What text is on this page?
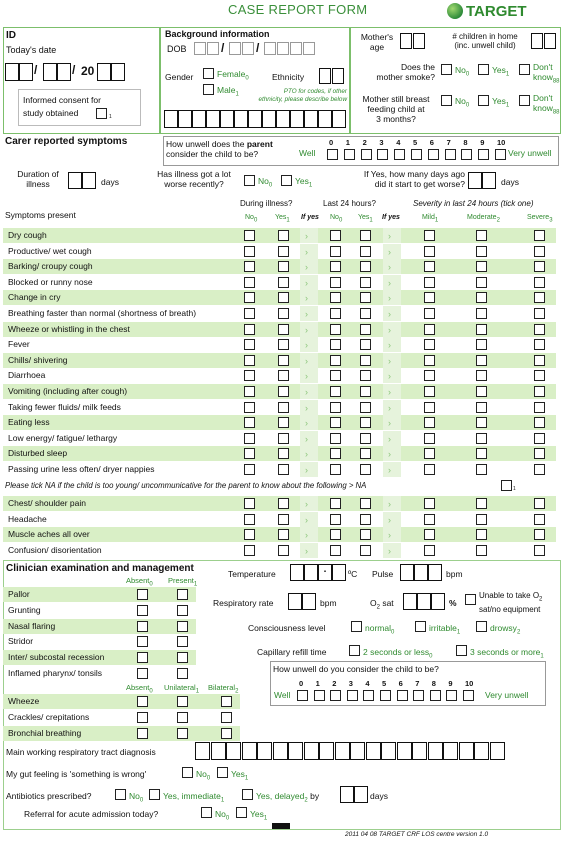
CASE REPORT FORM	TARGET
ID
Today's date
/	/ 20
Informed consent for
study obtained	1
Background information
DOB	/	/
Gender	Female$_0$
Male$_1$
Ethnicity
PTO for codes, if other
ethnicity, please describe below
Mother's
age
# children in home
(inc. unwell child)
Does the
mother smoke?
$No_0$	Yes$_1$
Don't
know$_{88}$
Mother still breast
feeding child at
3 months?
$No_0$	Yes$_1$
Don't
know$_{88}$
Carer reported symptoms	How unwell does the parent
consider the child to be?	Well
0 1 2 3 4 5 6 7 8 9 10
Very unwell
Duration of
illness	days
Has illness got a lot
worse recently?	$No_0$	Yes$_1$
If Yes, how many days ago
did it start to get worse?	days
During illness?	Last 24 hours?	Severity in last 24 hours (tick one)
Symptoms present	No0	Yes1 If yes No0 Yes1 If yes	Mild1	Moderate2	Severe3
Dry cough	›	›
Productive/ wet cough	›	›
Barking/ croupy cough	›	›
Blocked or runny nose	›	›
Change in cry	›	›
Breathing faster than normal (shortness of breath)	›	›
Wheeze or whistling in the chest	›	›
Fever	›	›
Chills/ shivering	›	›
Diarrhoea	›	›
Vomiting (including after cough)	›	›
Taking fewer fluids/ milk feeds	›	›
Eating less	›	›
Low energy/ fatigue/ lethargy	›	›
Disturbed sleep	›	›
Passing urine less often/ dryer nappies	›	›
Please tick NA if the child is too young/ uncommunicative for the parent to know about the following > NA	1
Chest/ shoulder pain	›	›
Headache	›	›
Muscle aches all over	›	›
Confusion/ disorientation	›	›
Clinician examination and management
Absent$_0$ Present$_1$
Pallor
Grunting
Nasal flaring
Stridor
Inter/ subcostal recession
Inflamed pharynx/ tonsils
Absent$_0$ Unilateral$_1$ Bilateral$_2$
Wheeze
Crackles/ crepitations
Bronchial breathing
Temperature	.	ºC Pulse	bpm
Respiratory rate	bpm	$O_2$ sat	%
Unable to take $O_2$
sat/no equipment
Consciousness level	normal$_0$	irritable$_1$	drowsy$_2$
Capillary refill time	2 seconds or less$_0$	3 seconds or more$_1$
How unwell do you consider the child to be?
Well
0 1 2 3 4 5 6 7 8 9 10
Very unwell
Main working respiratory tract diagnosis
My gut feeling is 'something is wrong'	$No_0$ Yes$_1$
Antibiotics prescribed?	$No_0$ Yes, immediate$_1$	Yes, delayed$_2$ by	days
Referral for acute admission today?	$No_0$ Yes$_1$
2011 04 08 TARGET CRF LOS centre version 1.0
